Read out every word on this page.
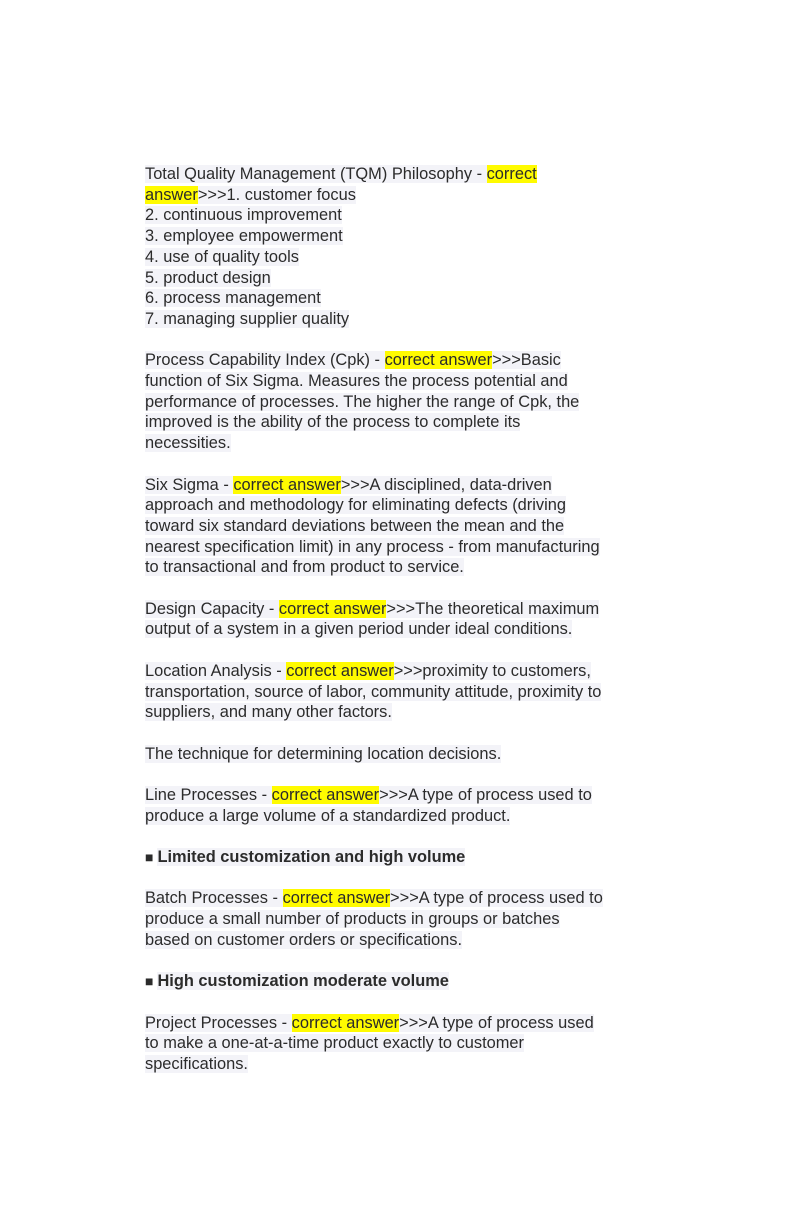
Total Quality Management (TQM) Philosophy - correct
answer>>>1. customer focus
2. continuous improvement
3. employee empowerment
4. use of quality tools
5. product design
6. process management
7. managing supplier quality
Process Capability Index (Cpk) - correct answer>>>Basic
function of Six Sigma. Measures the process potential and
performance of processes. The higher the range of Cpk, the
improved is the ability of the process to complete its
necessities.
Six Sigma - correct answer>>>A disciplined, data-driven
approach and methodology for eliminating defects (driving
toward six standard deviations between the mean and the
nearest specification limit) in any process - from manufacturing
to transactional and from product to service.
Design Capacity - correct answer>>>The theoretical maximum
output of a system in a given period under ideal conditions.
Location Analysis - correct answer>>>proximity to customers,
transportation, source of labor, community attitude, proximity to
suppliers, and many other factors.
The technique for determining location decisions.
Line Processes - correct answer>>>A type of process used to
produce a large volume of a standardized product.
■ Limited customization and high volume
Batch Processes - correct answer>>>A type of process used to
produce a small number of products in groups or batches
based on customer orders or specifications.
■ High customization moderate volume
Project Processes - correct answer>>>A type of process used
to make a one-at-a-time product exactly to customer
specifications.
